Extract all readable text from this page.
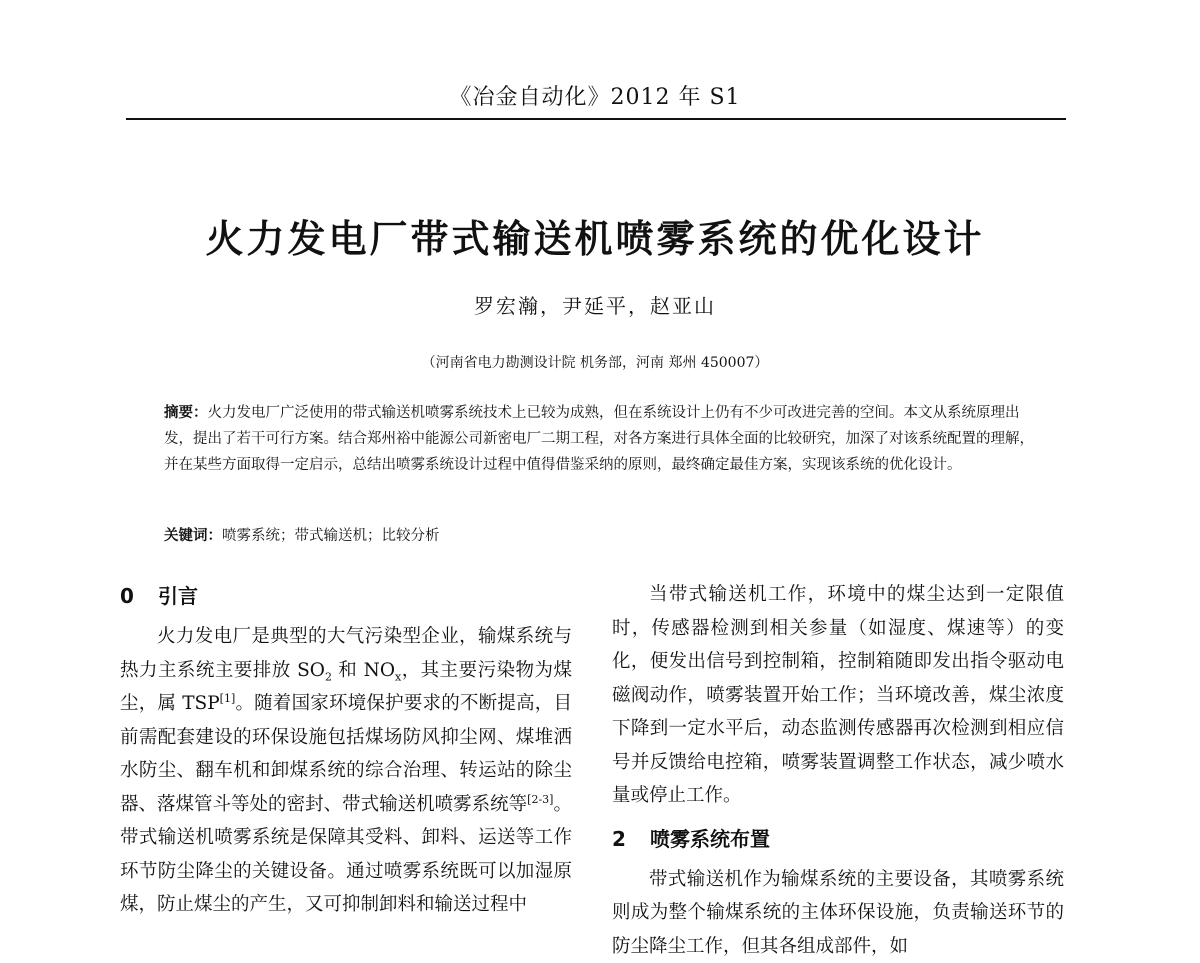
《冶金自动化》2012 年 S1
火力发电厂带式输送机喷雾系统的优化设计
罗宏瀚，尹延平，赵亚山
（河南省电力勘测设计院 机务部，河南 郑州 450007）

摘要：火力发电厂广泛使用的带式输送机喷雾系统技术上已较为成熟，但在系统设计上仍有不少可改进完善的空间。本文从系统原理出发，提出了若干可行方案。结合郑州裕中能源公司新密电厂二期工程，对各方案进行具体全面的比较研究，加深了对该系统配置的理解，并在某些方面取得一定启示，总结出喷雾系统设计过程中值得借鉴采纳的原则，最终确定最佳方案，实现该系统的优化设计。

关键词：喷雾系统；带式输送机；比较分析

0 引言

火力发电厂是典型的大气污染型企业，输煤系统与热力主系统主要排放 $SO_2$ 和 $NO_x$，其主要污染物为煤尘，属 TSP[1]。随着国家环境保护要求的不断提高，目前需配套建设的环保设施包括煤场防风抑尘网、煤堆洒水防尘、翻车机和卸煤系统的综合治理、转运站的除尘器、落煤管斗等处的密封、带式输送机喷雾系统等[2-3]。带式输送机喷雾系统是保障其受料、卸料、运送等工作环节防尘降尘的关键设备。通过喷雾系统既可以加湿原煤，防止煤尘的产生，又可抑制卸料和输送过程中

当带式输送机工作，环境中的煤尘达到一定限值时，传感器检测到相关参量（如湿度、煤速等）的变化，便发出信号到控制箱，控制箱随即发出指令驱动电磁阀动作，喷雾装置开始工作；当环境改善，煤尘浓度下降到一定水平后，动态监测传感器再次检测到相应信号并反馈给电控箱，喷雾装置调整工作状态，减少喷水量或停止工作。

2 喷雾系统布置

带式输送机作为输煤系统的主要设备，其喷雾系统则成为整个输煤系统的主体环保设施，负责输送环节的防尘降尘工作，但其各组成部件，如
